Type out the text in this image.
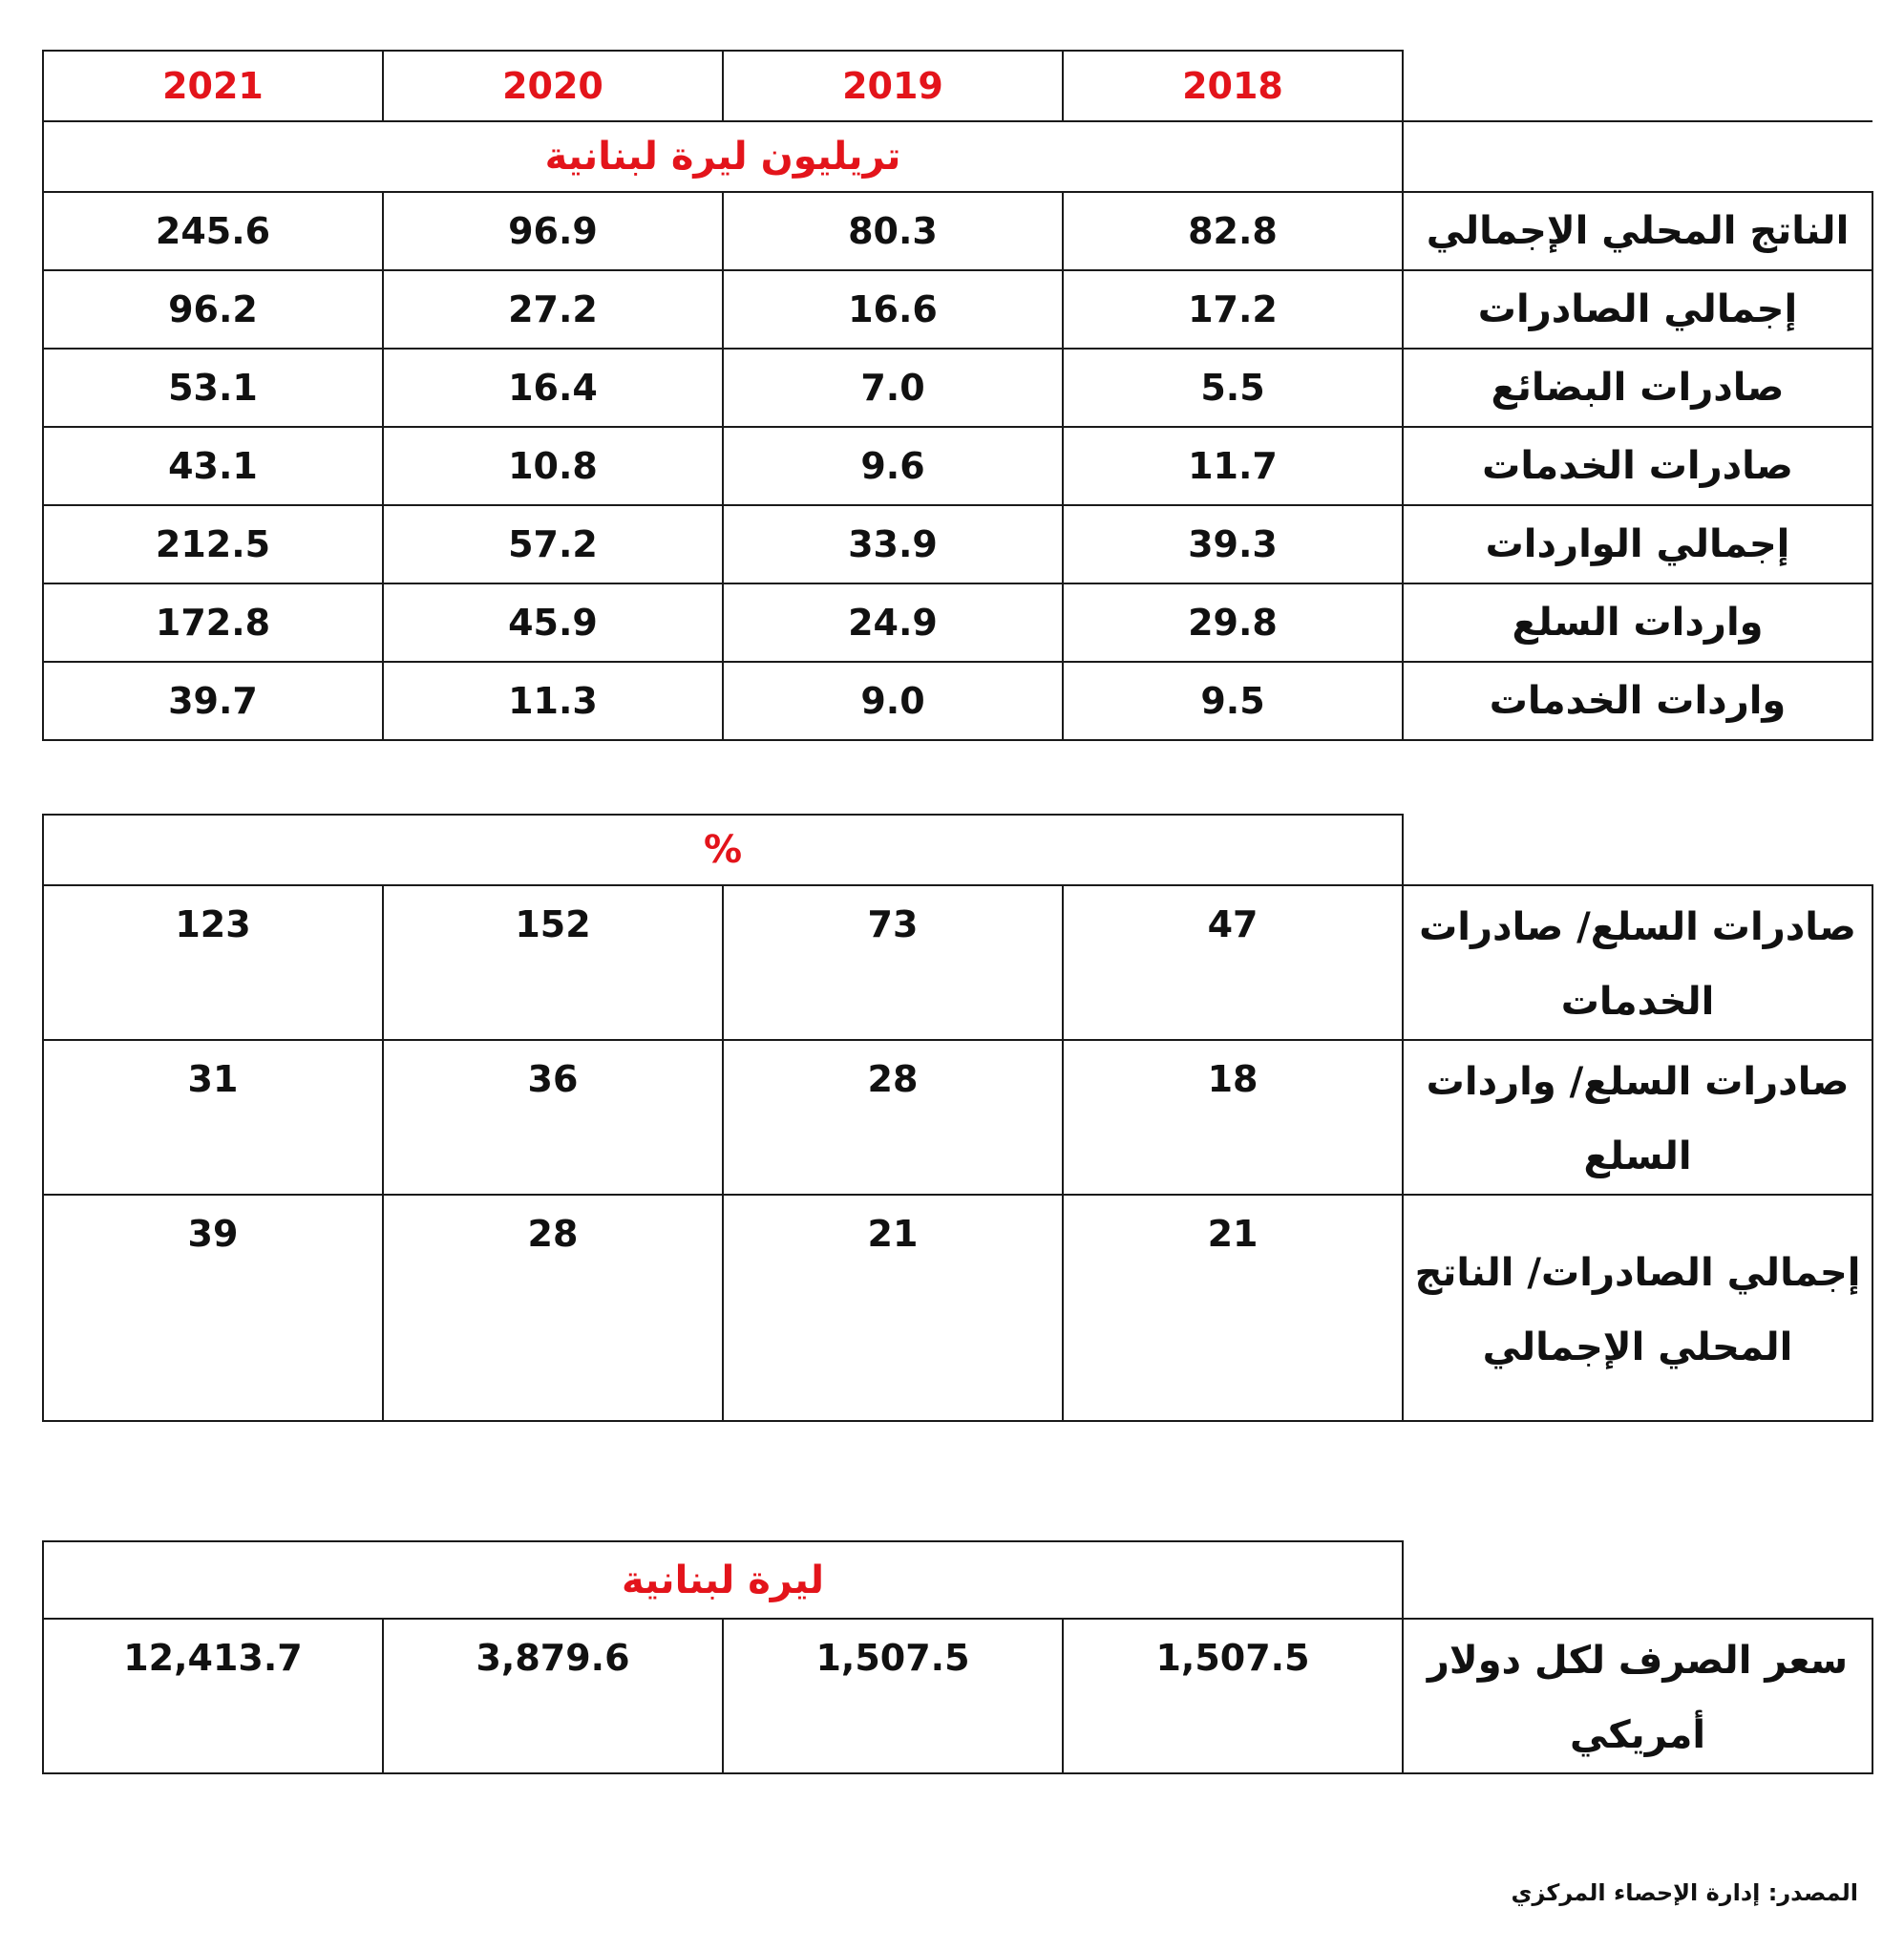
2021	2020	2019	2018	
تريليون ليرة لبنانية				
245.6	96.9	80.3	82.8	الناتج المحلي الإجمالي
96.2	27.2	16.6	17.2	إجمالي الصادرات
53.1	16.4	7.0	5.5	صادرات البضائع
43.1	10.8	9.6	11.7	صادرات الخدمات
212.5	57.2	33.9	39.3	إجمالي الواردات
172.8	45.9	24.9	29.8	واردات السلع
39.7	11.3	9.0	9.5	واردات الخدمات
%				
123	152	73	47	صادرات السلع/ صادرات الخدمات
31	36	28	18	صادرات السلع/ واردات السلع
39	28	21	21	إجمالي الصادرات/ الناتج المحلي الإجمالي
ليرة لبنانية				
12,413.7	3,879.6	1,507.5	1,507.5	سعر الصرف لكل دولار أمريكي
المصدر: إدارة الإحصاء المركزي
